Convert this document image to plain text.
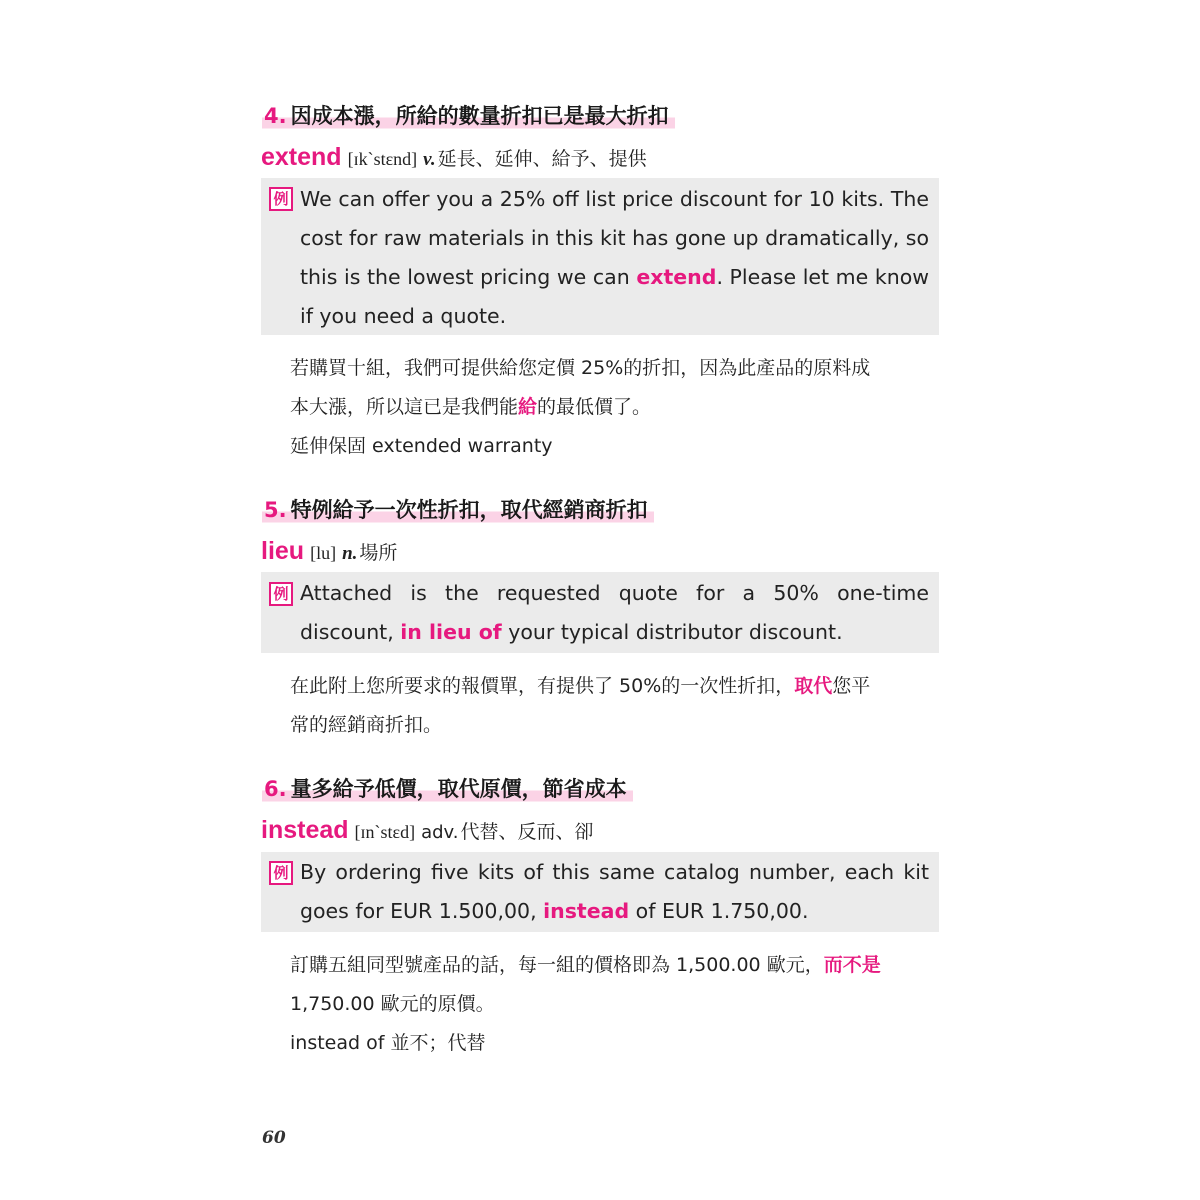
4. 因成本漲，所給的數量折扣已是最大折扣
extend [ɪk`stɛnd] v. 延長、延伸、給予、提供
例 We can offer you a 25% off list price discount for 10 kits. The
cost for raw materials in this kit has gone up dramatically, so
this is the lowest pricing we can extend. Please let me know
if you need a quote.
若購買十組，我們可提供給您定價 25%的折扣，因為此產品的原料成
本大漲，所以這已是我們能給的最低價了。
延伸保固 extended warranty
5. 特例給予一次性折扣，取代經銷商折扣
lieu [lu] n. 場所
例 Attached is the requested quote for a 50% one-time
discount, in lieu of your typical distributor discount.
在此附上您所要求的報價單，有提供了 50%的一次性折扣，取代您平
常的經銷商折扣。
6. 量多給予低價，取代原價，節省成本
instead [ɪn`stɛd] adv. 代替、反而、卻
例 By ordering five kits of this same catalog number, each kit
goes for EUR 1.500,00, instead of EUR 1.750,00.
訂購五組同型號產品的話，每一組的價格即為 1,500.00 歐元，而不是
1,750.00 歐元的原價。
instead of 並不；代替
60
